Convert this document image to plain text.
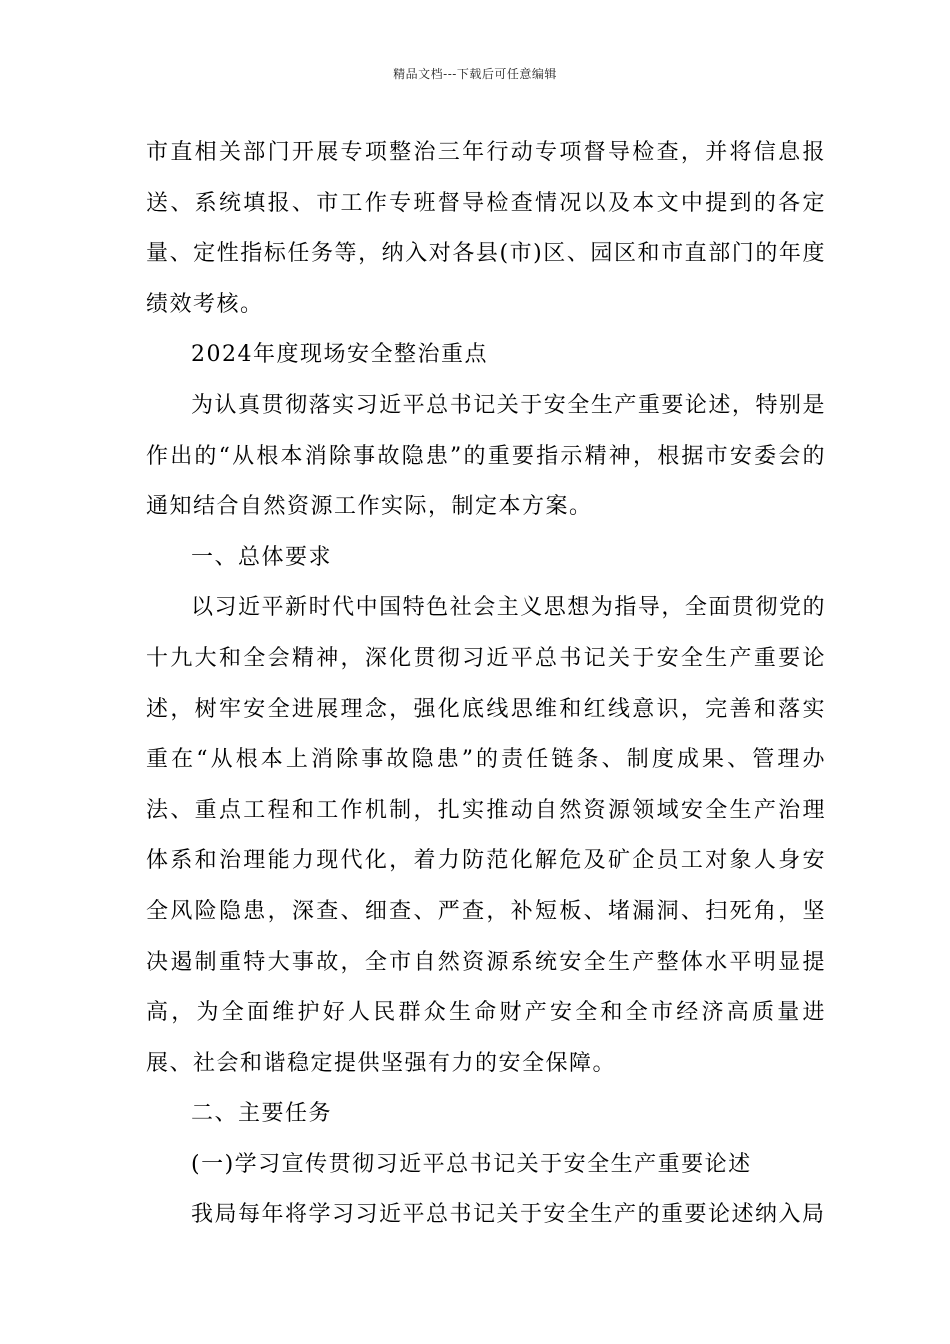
精品文档---下载后可任意编辑

市直相关部门开展专项整治三年行动专项督导检查，并将信息报送、系统填报、市工作专班督导检查情况以及本文中提到的各定量、定性指标任务等，纳入对各县(市)区、园区和市直部门的年度绩效考核。

2024年度现场安全整治重点

为认真贯彻落实习近平总书记关于安全生产重要论述，特别是作出的“从根本消除事故隐患”的重要指示精神，根据市安委会的通知结合自然资源工作实际，制定本方案。

一、总体要求

以习近平新时代中国特色社会主义思想为指导，全面贯彻党的十九大和全会精神，深化贯彻习近平总书记关于安全生产重要论述，树牢安全进展理念，强化底线思维和红线意识，完善和落实重在“从根本上消除事故隐患”的责任链条、制度成果、管理办法、重点工程和工作机制，扎实推动自然资源领域安全生产治理体系和治理能力现代化，着力防范化解危及矿企员工对象人身安全风险隐患，深查、细查、严查，补短板、堵漏洞、扫死角，坚决遏制重特大事故，全市自然资源系统安全生产整体水平明显提高，为全面维护好人民群众生命财产安全和全市经济高质量进展、社会和谐稳定提供坚强有力的安全保障。

二、主要任务

(一)学习宣传贯彻习近平总书记关于安全生产重要论述

我局每年将学习习近平总书记关于安全生产的重要论述纳入局
